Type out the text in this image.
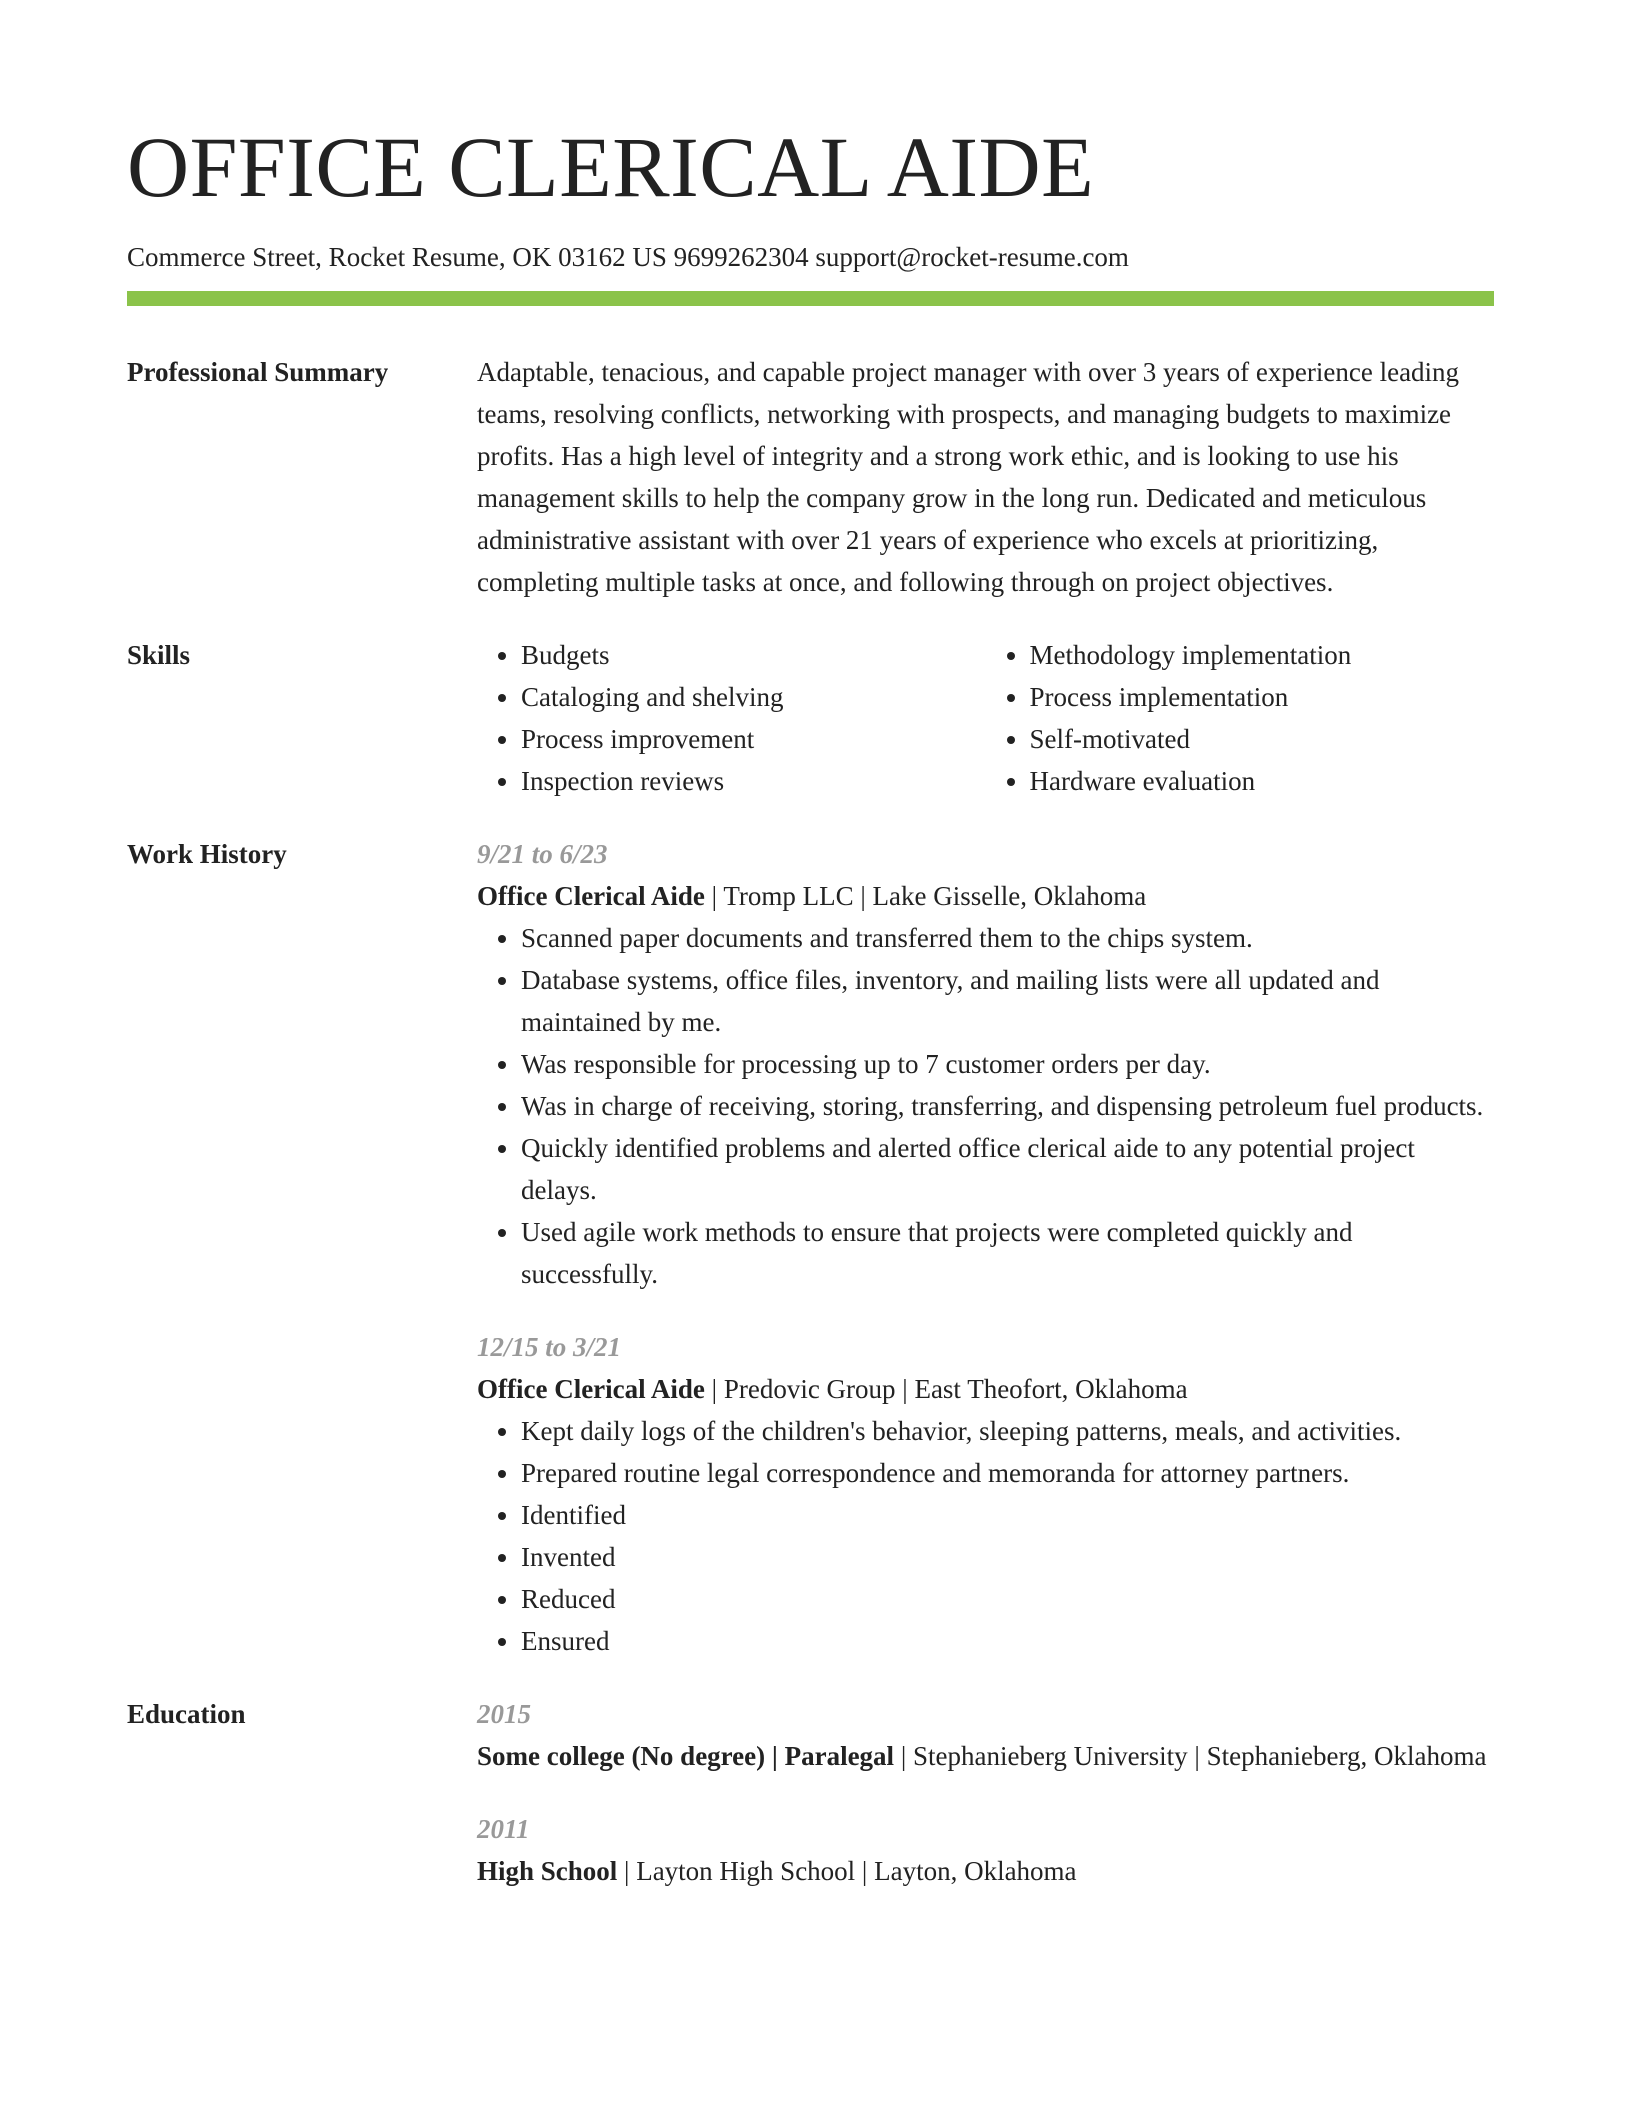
OFFICE CLERICAL AIDE
Commerce Street, Rocket Resume, OK 03162 US 9699262304 support@rocket-resume.com
Professional Summary	Adaptable, tenacious, and capable project manager with over 3 years of experience leading teams, resolving conflicts, networking with prospects, and managing budgets to maximize profits. Has a high level of integrity and a strong work ethic, and is looking to use his management skills to help the company grow in the long run. Dedicated and meticulous administrative assistant with over 21 years of experience who excels at prioritizing, completing multiple tasks at once, and following through on project objectives.
Skills
•	Budgets
• Cataloging and shelving
• Process improvement
• Inspection reviews
• Methodology implementation
• Process implementation
• Self-motivated
• Hardware evaluation
Work History	9/21 to 6/23
Office Clerical Aide | Tromp LLC | Lake Gisselle, Oklahoma
• Scanned paper documents and transferred them to the chips system.
• Database systems, office files, inventory, and mailing lists were all updated and maintained by me.
• Was responsible for processing up to 7 customer orders per day.
• Was in charge of receiving, storing, transferring, and dispensing petroleum fuel products.
• Quickly identified problems and alerted office clerical aide to any potential project delays.
• Used agile work methods to ensure that projects were completed quickly and successfully.
12/15 to 3/21
Office Clerical Aide | Predovic Group | East Theofort, Oklahoma
• Kept daily logs of the children's behavior, sleeping patterns, meals, and activities.
• Prepared routine legal correspondence and memoranda for attorney partners.
• Identified
• Invented
• Reduced
• Ensured
Education	2015
Some college (No degree) | Paralegal | Stephanieberg University | Stephanieberg, Oklahoma
2011
High School | Layton High School | Layton, Oklahoma
